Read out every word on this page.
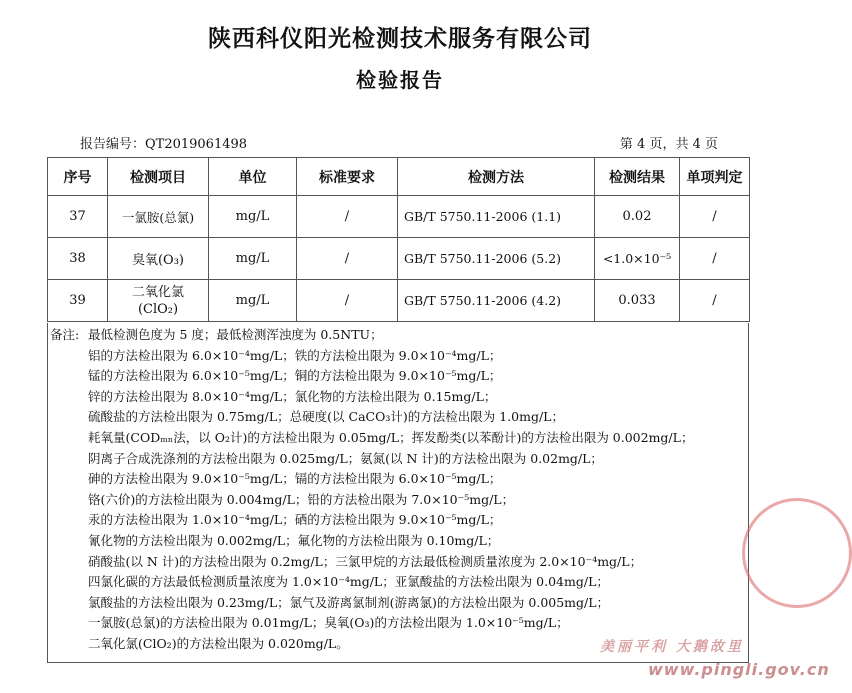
陕西科仪阳光检测技术服务有限公司
检验报告
报告编号：QT2019061498	第 4 页，共 4 页
序号	检测项目	单位	标准要求	检测方法	检测结果	单项判定
37	一氯胺(总氯)	mg/L	/	GB/T 5750.11-2006 (1.1)	0.02	/
38	臭氧(O₃)	mg/L	/	GB/T 5750.11-2006 (5.2)	<1.0×10⁻⁵	/
39	二氧化氯
(ClO₂)	mg/L	/	GB/T 5750.11-2006 (4.2)	0.033	/
备注: 最低检测色度为 5 度；最低检测浑浊度为 0.5NTU；
铝的方法检出限为 6.0×10⁻⁴mg/L；铁的方法检出限为 9.0×10⁻⁴mg/L；
锰的方法检出限为 6.0×10⁻⁵mg/L；铜的方法检出限为 9.0×10⁻⁵mg/L；
锌的方法检出限为 8.0×10⁻⁴mg/L；氯化物的方法检出限为 0.15mg/L；
硫酸盐的方法检出限为 0.75mg/L；总硬度(以 CaCO₃计)的方法检出限为 1.0mg/L；
耗氧量(CODₘₙ法，以 O₂计)的方法检出限为 0.05mg/L；挥发酚类(以苯酚计)的方法检出限为 0.002mg/L；
阴离子合成洗涤剂的方法检出限为 0.025mg/L；氨氮(以 N 计)的方法检出限为 0.02mg/L；
砷的方法检出限为 9.0×10⁻⁵mg/L；镉的方法检出限为 6.0×10⁻⁵mg/L；
铬(六价)的方法检出限为 0.004mg/L；铅的方法检出限为 7.0×10⁻⁵mg/L；
汞的方法检出限为 1.0×10⁻⁴mg/L；硒的方法检出限为 9.0×10⁻⁵mg/L；
氰化物的方法检出限为 0.002mg/L；氟化物的方法检出限为 0.10mg/L；
硝酸盐(以 N 计)的方法检出限为 0.2mg/L；三氯甲烷的方法最低检测质量浓度为 2.0×10⁻⁴mg/L；
四氯化碳的方法最低检测质量浓度为 1.0×10⁻⁴mg/L；亚氯酸盐的方法检出限为 0.04mg/L；
氯酸盐的方法检出限为 0.23mg/L；氯气及游离氯制剂(游离氯)的方法检出限为 0.005mg/L；
一氯胺(总氯)的方法检出限为 0.01mg/L；臭氧(O₃)的方法检出限为 1.0×10⁻⁵mg/L；
二氧化氯(ClO₂)的方法检出限为 0.020mg/L。	美丽平利 大鹅故里
www.pingli.gov.cn
